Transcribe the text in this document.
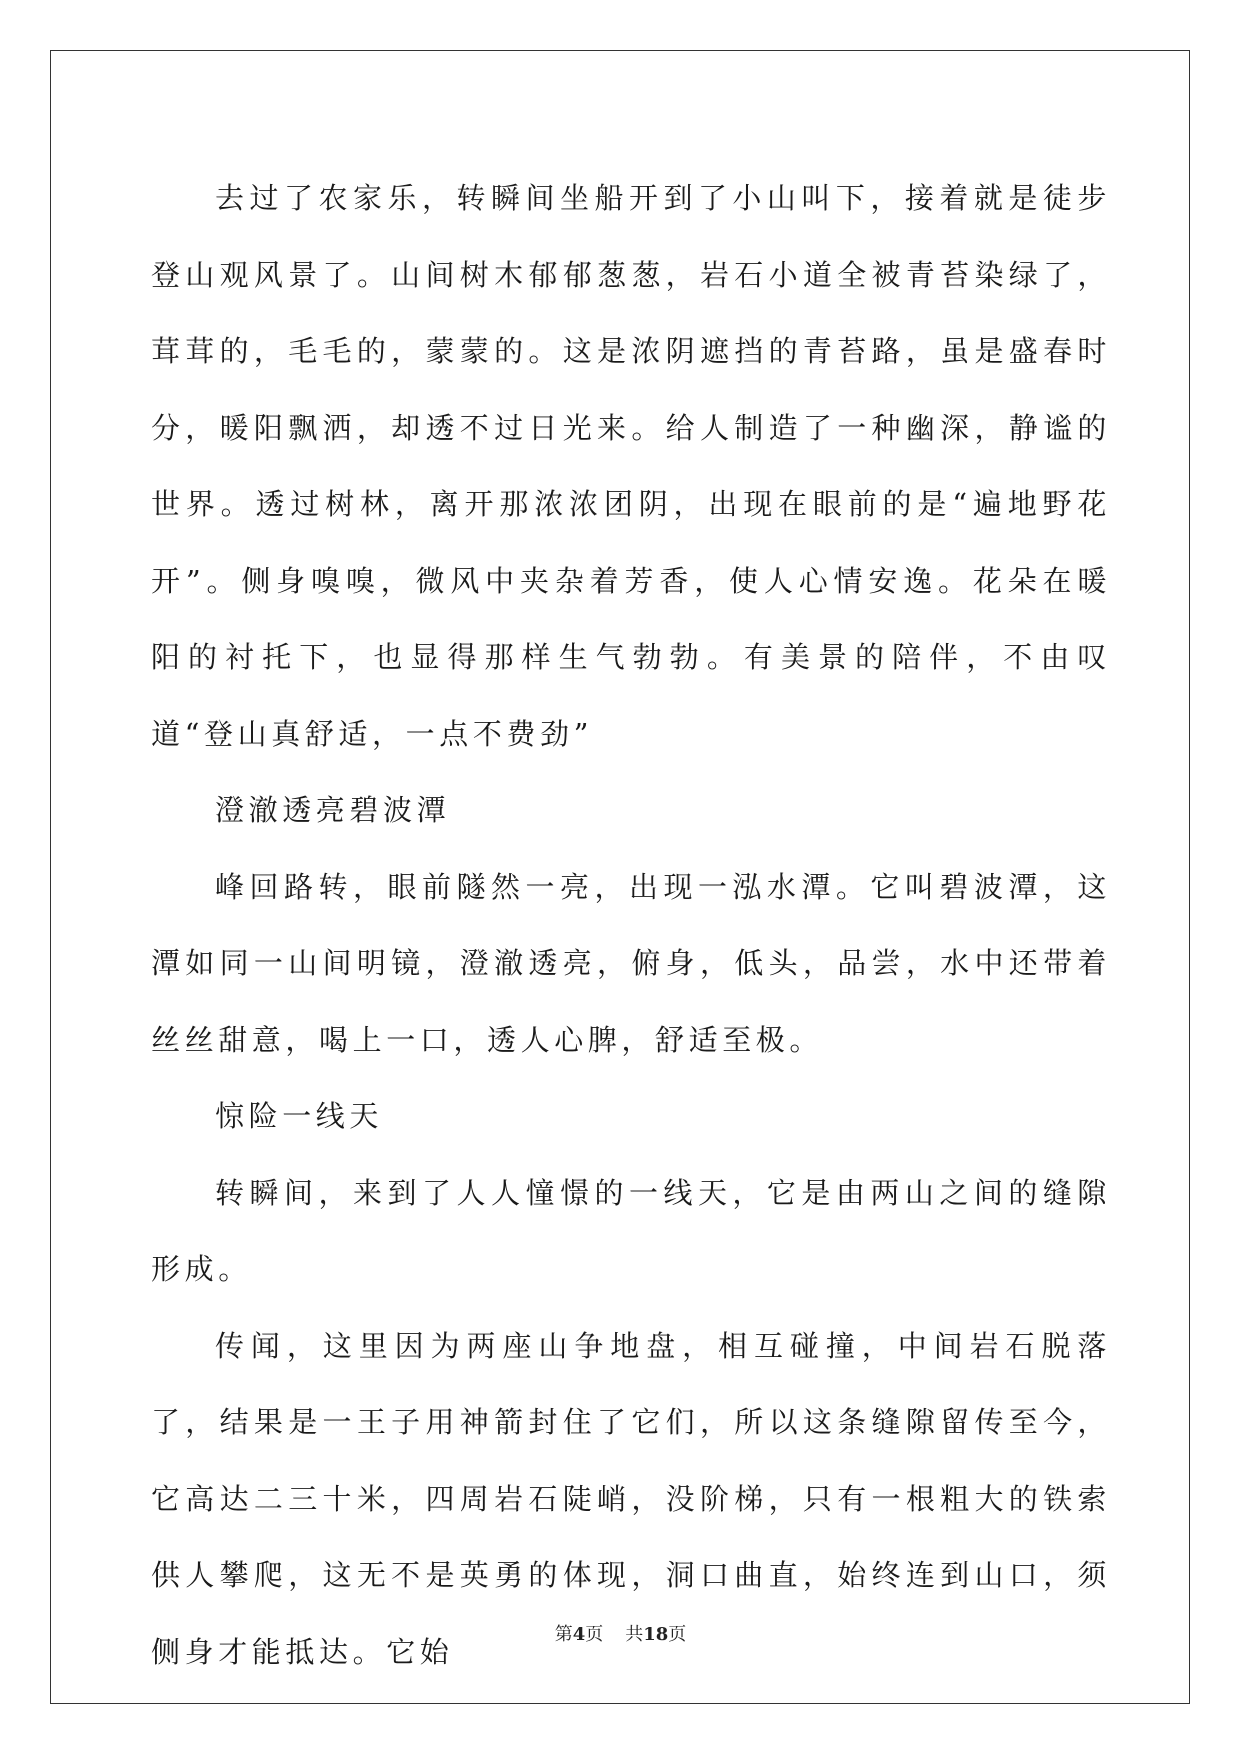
去过了农家乐，转瞬间坐船开到了小山叫下，接着就是徒步登山观风景了。山间树木郁郁葱葱，岩石小道全被青苔染绿了，茸茸的，毛毛的，蒙蒙的。这是浓阴遮挡的青苔路，虽是盛春时分，暖阳飘洒，却透不过日光来。给人制造了一种幽深，静谧的世界。透过树林，离开那浓浓团阴，出现在眼前的是“遍地野花开”。侧身嗅嗅，微风中夹杂着芳香，使人心情安逸。花朵在暖阳的衬托下，也显得那样生气勃勃。有美景的陪伴，不由叹道“登山真舒适，一点不费劲”

澄澈透亮碧波潭

峰回路转，眼前隧然一亮，出现一泓水潭。它叫碧波潭，这潭如同一山间明镜，澄澈透亮，俯身，低头，品尝，水中还带着丝丝甜意，喝上一口，透人心脾，舒适至极。

惊险一线天

转瞬间，来到了人人憧憬的一线天，它是由两山之间的缝隙形成。

传闻，这里因为两座山争地盘，相互碰撞，中间岩石脱落了，结果是一王子用神箭封住了它们，所以这条缝隙留传至今，它高达二三十米，四周岩石陡峭，没阶梯，只有一根粗大的铁索供人攀爬，这无不是英勇的体现，洞口曲直，始终连到山口，须侧身才能抵达。它始	第4页 共18页
